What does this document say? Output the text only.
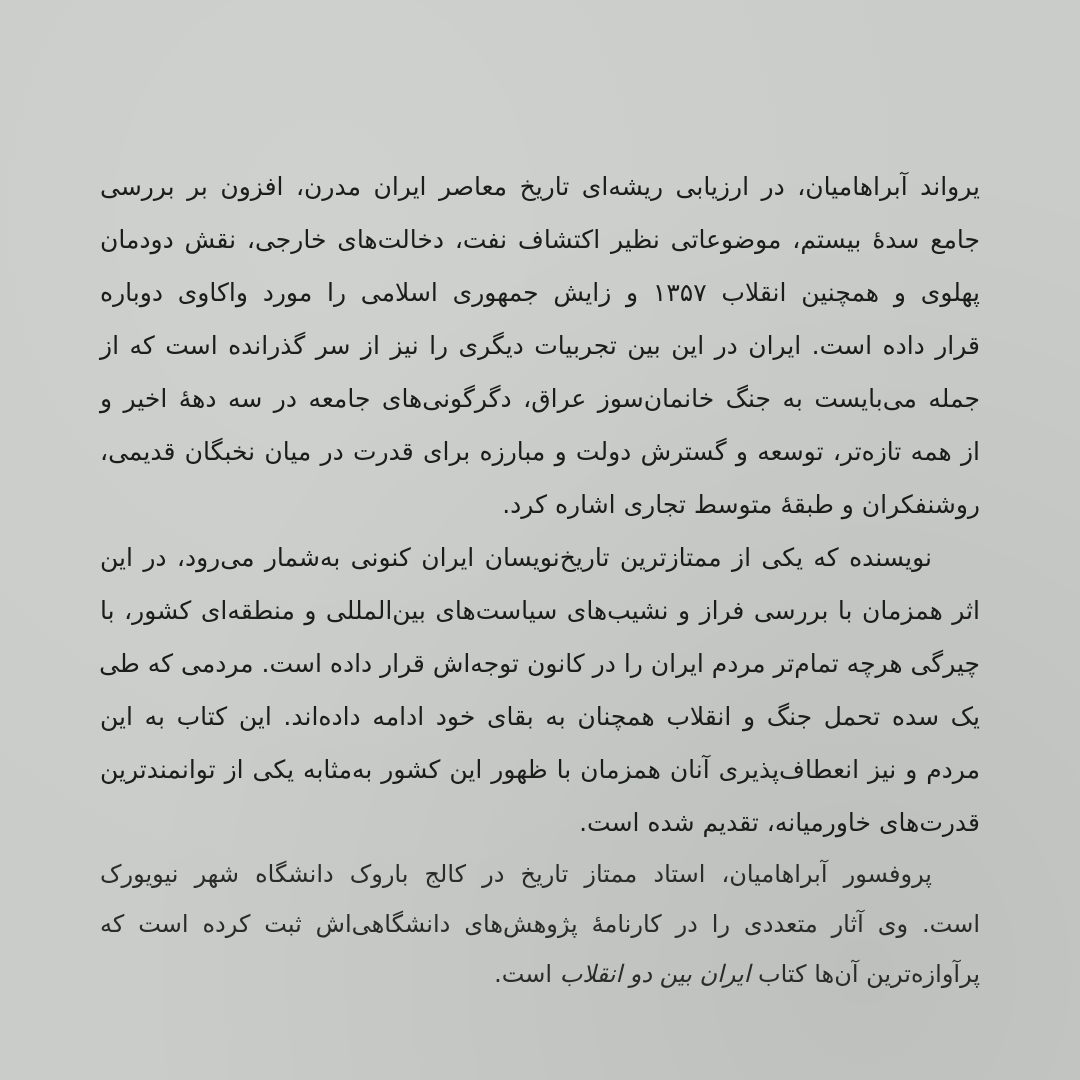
یرواند آبراهامیان، در ارزیابی ریشه‌ای تاریخ معاصر ایران مدرن، افزون بر بررسی
جامع سدهٔ بیستم، موضوعاتی نظیر اکتشاف نفت، دخالت‌های خارجی، نقش دودمان
پهلوی و همچنین انقلاب ۱۳۵۷ و زایش جمهوری اسلامی را مورد واکاوی دوباره
قرار داده است. ایران در این بین تجربیات دیگری را نیز از سر گذرانده است که از
جمله می‌بایست به جنگ خانمان‌سوز عراق، دگرگونی‌های جامعه در سه دههٔ اخیر و
از همه تازه‌تر، توسعه و گسترش دولت و مبارزه برای قدرت در میان نخبگان قدیمی،
روشنفکران و طبقهٔ متوسط تجاری اشاره کرد.
نویسنده که یکی از ممتازترین تاریخ‌نویسان ایران کنونی به‌شمار می‌رود، در این
اثر همزمان با بررسی فراز و نشیب‌های سیاست‌های بین‌المللی و منطقه‌ای کشور، با
چیرگی هرچه تمام‌تر مردم ایران را در کانون توجه‌اش قرار داده است. مردمی که طی
یک سده تحمل جنگ و انقلاب همچنان به بقای خود ادامه داده‌اند. این کتاب به این
مردم و نیز انعطاف‌پذیری آنان همزمان با ظهور این کشور به‌مثابه یکی از توانمندترین
قدرت‌های خاورمیانه، تقدیم شده است.
پروفسور آبراهامیان، استاد ممتاز تاریخ در کالج باروک دانشگاه شهر نیویورک
است. وی آثار متعددی را در کارنامهٔ پژوهش‌های دانشگاهی‌اش ثبت کرده است که
پرآوازه‌ترین آن‌ها کتاب ایران بین دو انقلاب است.
